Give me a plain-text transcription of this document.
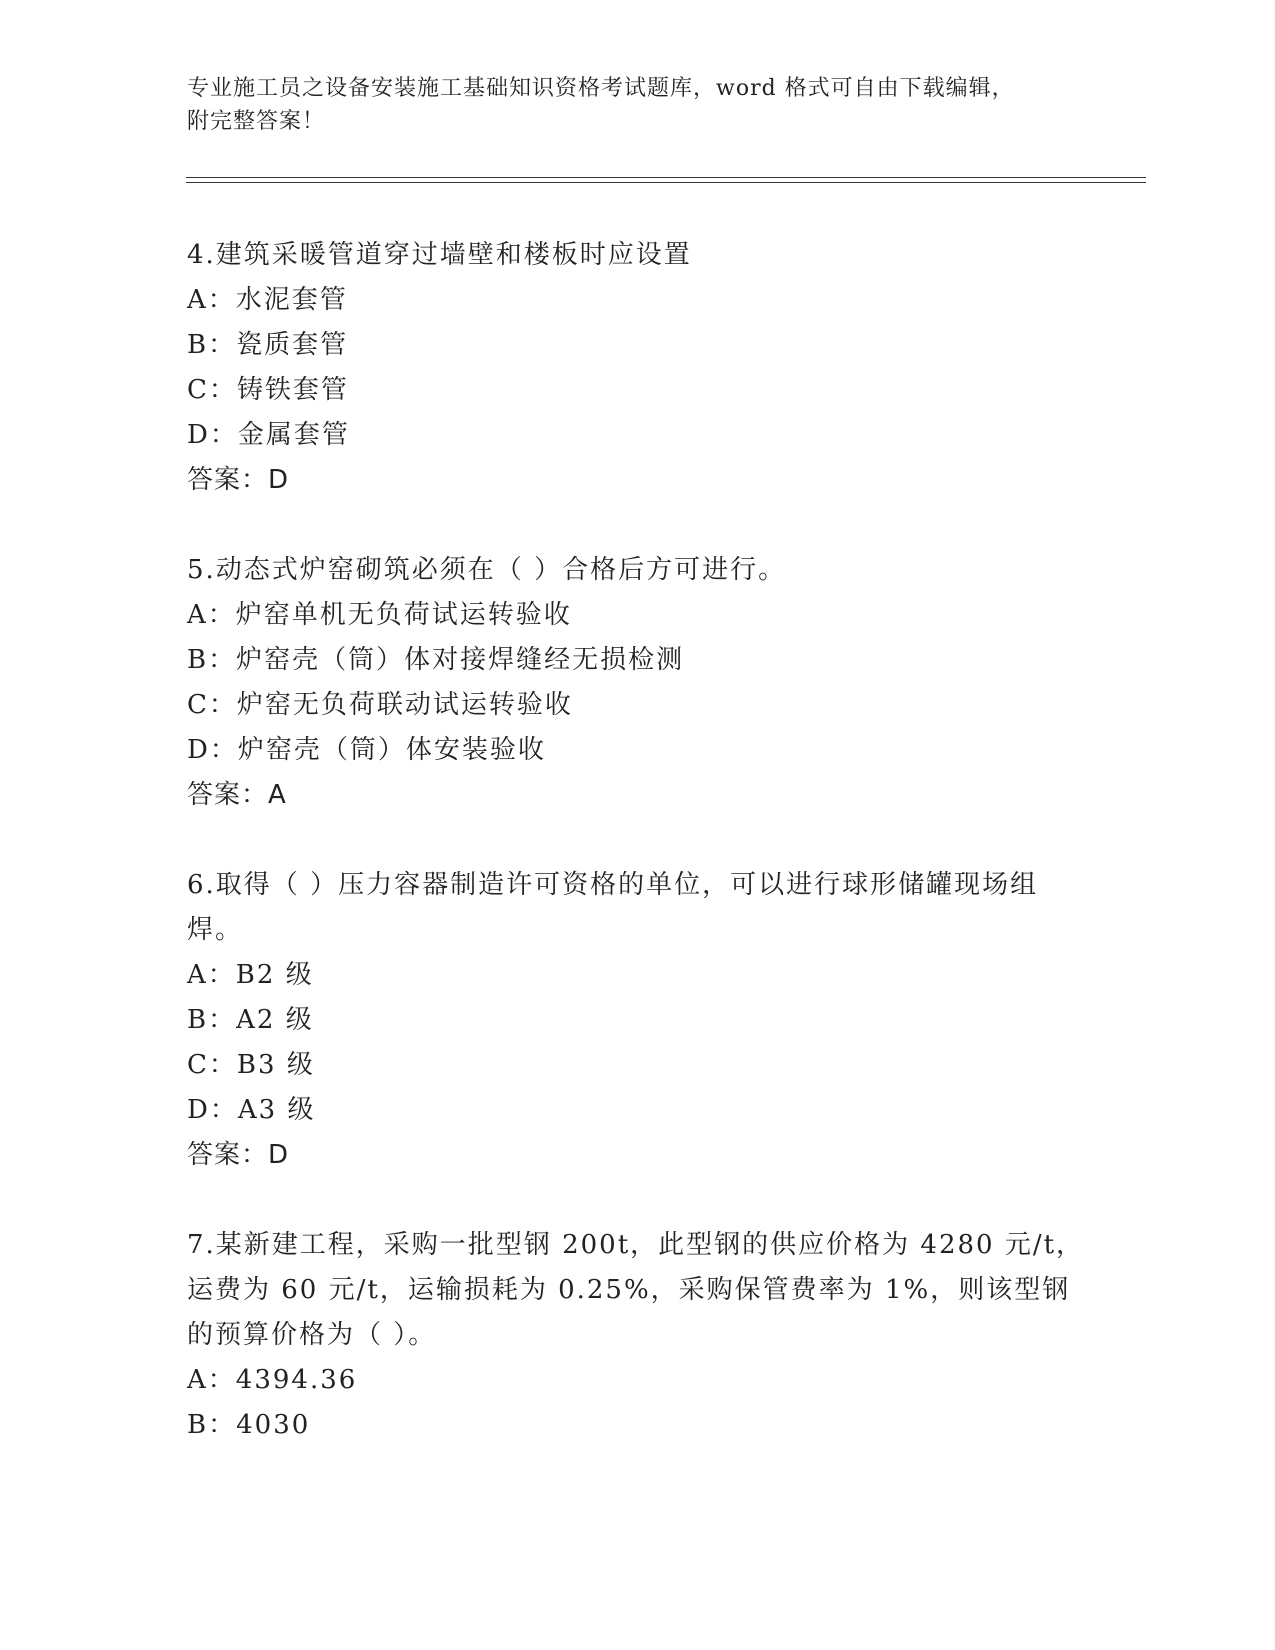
专业施工员之设备安装施工基础知识资格考试题库，word 格式可自由下载编辑，
附完整答案！
4.建筑采暖管道穿过墙壁和楼板时应设置
A： 水泥套管
B： 瓷质套管
C： 铸铁套管
D： 金属套管
答案：D
5.动态式炉窑砌筑必须在（ ）合格后方可进行。
A： 炉窑单机无负荷试运转验收
B： 炉窑壳（筒）体对接焊缝经无损检测
C： 炉窑无负荷联动试运转验收
D： 炉窑壳（筒）体安装验收
答案：A
6.取得（ ）压力容器制造许可资格的单位，可以进行球形储罐现场组
焊。
A： B2 级
B： A2 级
C： B3 级
D： A3 级
答案：D
7.某新建工程，采购一批型钢 200t，此型钢的供应价格为 4280 元/t，
运费为 60 元/t，运输损耗为 0.25%，采购保管费率为 1%，则该型钢
的预算价格为（ ）。
A： 4394.36
B： 4030
